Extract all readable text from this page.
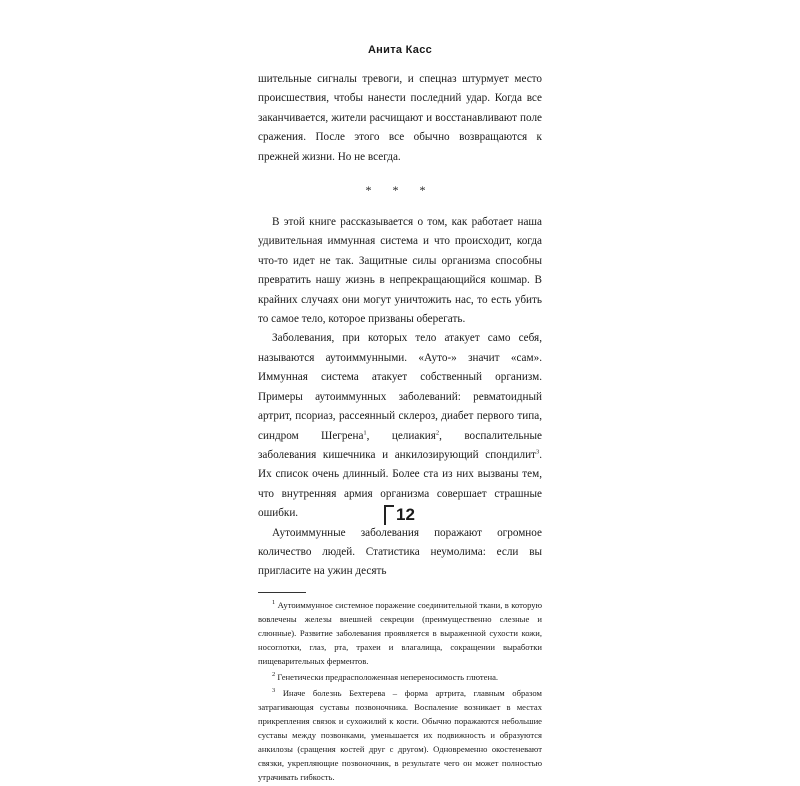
Анита Касс

шительные сигналы тревоги, и спецназ штурмует место происшествия, чтобы нанести последний удар. Когда все заканчивается, жители расчищают и восстанавливают поле сражения. После этого все обычно возвращаются к прежней жизни. Но не всегда.

* * *

В этой книге рассказывается о том, как работает наша удивительная иммунная система и что происходит, когда что-то идет не так. Защитные силы организма способны превратить нашу жизнь в непрекращающийся кошмар. В крайних случаях они могут уничтожить нас, то есть убить то самое тело, которое призваны оберегать.

Заболевания, при которых тело атакует само себя, называются аутоиммунными. «Ауто-» значит «сам». Иммунная система атакует собственный организм. Примеры аутоиммунных заболеваний: ревматоидный артрит, псориаз, рассеянный склероз, диабет первого типа, синдром Шегрена$^1$, целиакия$^2$, воспалительные заболевания кишечника и анкилозирующий спондилит$^3$. Их список очень длинный. Более ста из них вызваны тем, что внутренняя армия организма совершает страшные ошибки.

Аутоиммунные заболевания поражают огромное количество людей. Статистика неумолима: если вы пригласите на ужин десять

$^1$ Аутоиммунное системное поражение соединительной ткани, в которую вовлечены железы внешней секреции (преимущественно слезные и слюнные). Развитие заболевания проявляется в выраженной сухости кожи, носоглотки, глаз, рта, трахеи и влагалища, сокращении выработки пищеварительных ферментов.

$^2$ Генетически предрасположенная непереносимость глютена.

$^3$ Иначе болезнь Бехтерева – форма артрита, главным образом затрагивающая суставы позвоночника. Воспаление возникает в местах прикрепления связок и сухожилий к кости. Обычно поражаются небольшие суставы между позвонками, уменьшается их подвижность и образуются анкилозы (сращения костей друг с другом). Одновременно окостеневают связки, укрепляющие позвоночник, в результате чего он может полностью утрачивать гибкость.

12
